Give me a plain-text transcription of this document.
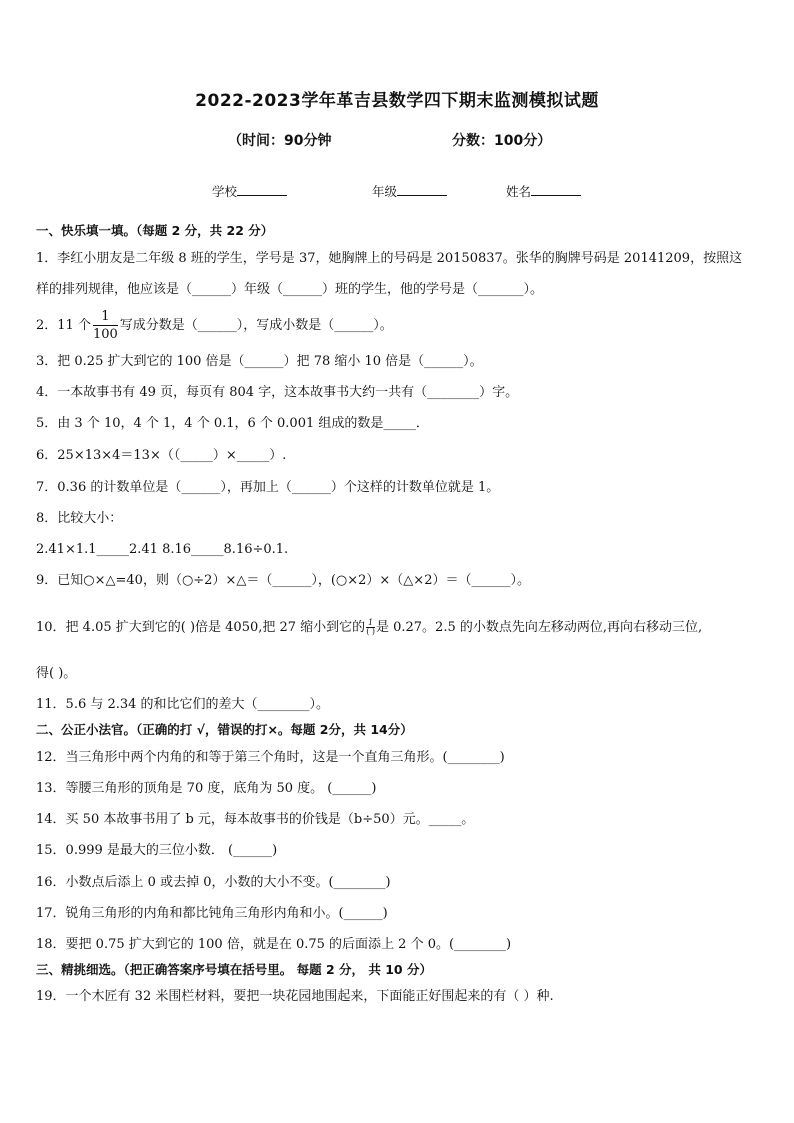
2022-2023学年革吉县数学四下期末监测模拟试题
（时间：90分钟	分数：100分）
学校	年级	姓名
一、快乐填一填。（每题 2 分，共 22 分）
1．李红小朋友是二年级 8 班的学生，学号是 37，她胸牌上的号码是 20150837。张华的胸牌号码是 20141209，按照这
样的排列规律，他应该是（______）年级（______）班的学生，他的学号是（_______）。
2．11 个 $\frac{1}{100}$ 写成分数是（______），写成小数是（______）。
3．把 0.25 扩大到它的 100 倍是（______）把 78 缩小 10 倍是（______）。
4．一本故事书有 49 页，每页有 804 字，这本故事书大约一共有（________）字。
5．由 3 个 10，4 个 1，4 个 0.1，6 个 0.001 组成的数是_____．
6．25×13×4＝13×（（_____）×_____）.
7．0.36 的计数单位是（______），再加上（______）个这样的计数单位就是 1。
8．比较大小：
2.41×1.1_____2.41 8.16_____8.16÷0.1.
9．已知○×△=40，则（○÷2）×△＝（______），(○×2）×（△×2）＝（______）。
10．把 4.05 扩大到它的( )倍是 4050,把 27 缩小到它的 1
( ) 是 0.27。2.5 的小数点先向左移动两位,再向右移动三位,
得( )。
11．5.6 与 2.34 的和比它们的差大（________）。
二、公正小法官。（正确的打 √，错误的打×。每题 2分，共 14分）
12．当三角形中两个内角的和等于第三个角时，这是一个直角三角形。(________)
13．等腰三角形的顶角是 70 度，底角为 50 度。 (______)
14．买 50 本故事书用了 b 元，每本故事书的价钱是（b÷50）元。_____。
15．0.999 是最大的三位小数． (______)
16．小数点后添上 0 或去掉 0，小数的大小不变。(________)
17．锐角三角形的内角和都比钝角三角形内角和小。(______)
18．要把 0.75 扩大到它的 100 倍，就是在 0.75 的后面添上 2 个 0。(________)
三、精挑细选。（把正确答案序号填在括号里。 每题 2 分， 共 10 分）
19．一个木匠有 32 米围栏材料，要把一块花园地围起来，下面能正好围起来的有（ ）种.
